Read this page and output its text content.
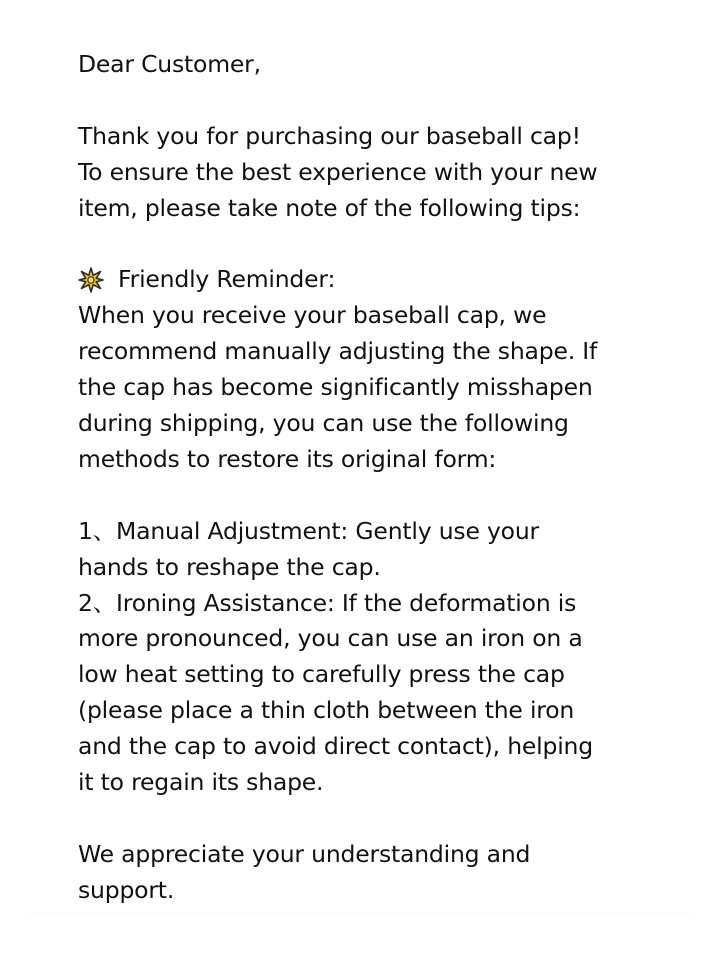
Dear Customer,
Thank you for purchasing our baseball cap!
To ensure the best experience with your new
item, please take note of the following tips:
Friendly Reminder:
When you receive your baseball cap, we
recommend manually adjusting the shape. If
the cap has become significantly misshapen
during shipping, you can use the following
methods to restore its original form:
1、Manual Adjustment: Gently use your
hands to reshape the cap.
2、Ironing Assistance: If the deformation is
more pronounced, you can use an iron on a
low heat setting to carefully press the cap
(please place a thin cloth between the iron
and the cap to avoid direct contact), helping
it to regain its shape.
We appreciate your understanding and
support.
